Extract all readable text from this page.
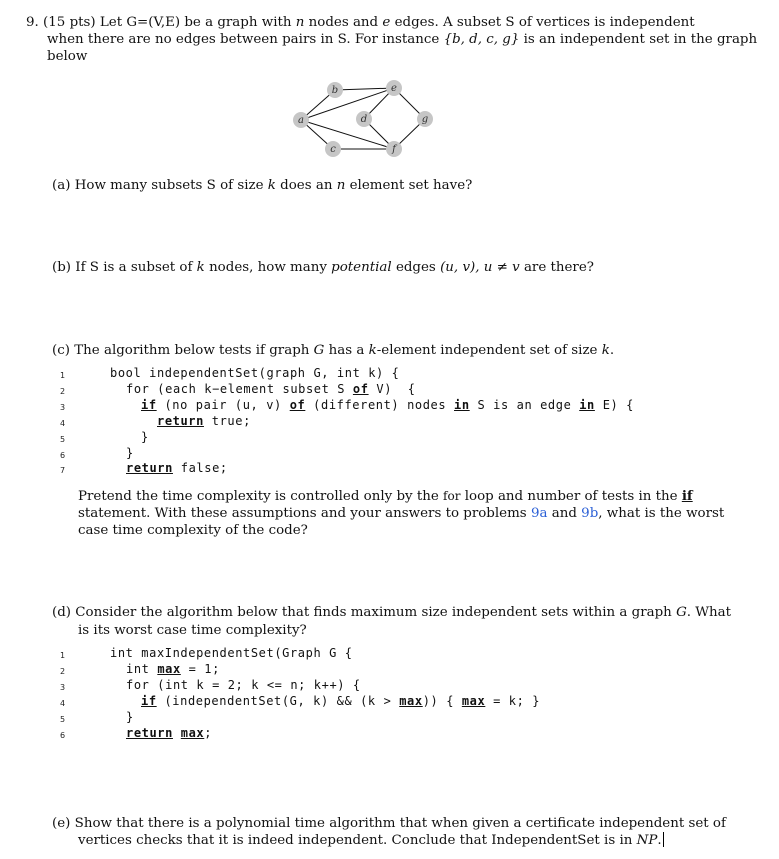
9. (15 pts) Let G=(V,E) be a graph with n nodes and e edges. A subset S of vertices is independent
when there are no edges between pairs in S. For instance {b, d, c, g} is an independent set in the graph
below
a
b
c
d
e
f
g
(a) How many subsets S of size k does an n element set have?
(b) If S is a subset of k nodes, how many potential edges (u, v), u ≠ v are there?
(c) The algorithm below tests if graph G has a k-element independent set of size k.
1
2
3
4
5
6
7
bool independentSet(graph G, int k) {
for (each k−element subset S of V)  {
if (no pair (u, v) of (different) nodes in S is an edge in E) {
return true;
}
}
return false;
Pretend the time complexity is controlled only by the for loop and number of tests in the if
statement. With these assumptions and your answers to problems 9a and 9b, what is the worst
case time complexity of the code?
(d) Consider the algorithm below that finds maximum size independent sets within a graph G. What
is its worst case time complexity?
1
2
3
4
5
6
int maxIndependentSet(Graph G {
int max = 1;
for (int k = 2; k <= n; k++) {
if (independentSet(G, k) && (k > max)) { max = k; }
}
return max;
(e) Show that there is a polynomial time algorithm that when given a certificate independent set of
vertices checks that it is indeed independent. Conclude that IndependentSet is in NP.
